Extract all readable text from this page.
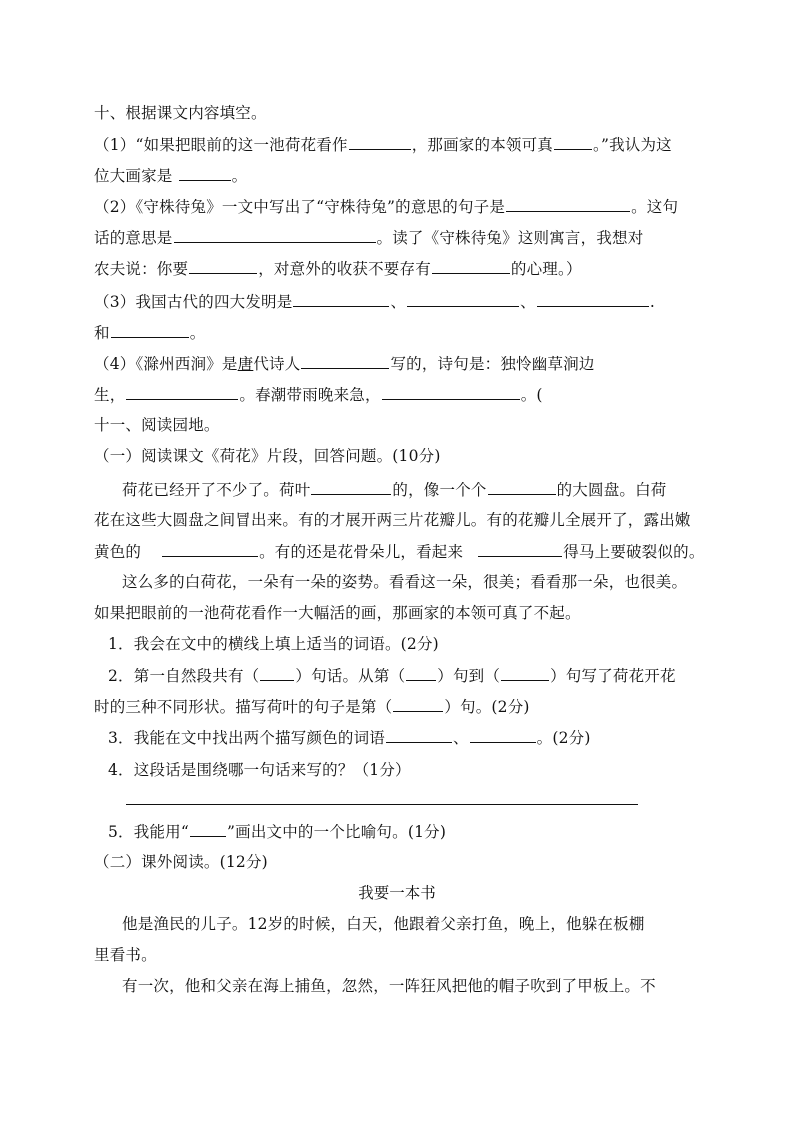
十、根据课文内容填空。
（1）“如果把眼前的这一池荷花看作	，那画家的本领可真	。”我认为这
位大画家是	。
（2）《守株待兔》一文中写出了“守株待兔”的意思的句子是	。这句
话的意思是	。读了《守株待兔》这则寓言，我想对
农夫说：你要	，对意外的收获不要存有	的心理。）
（3）我国古代的四大发明是	、	、	.
和	。
（4）《滁州西涧》是唐代诗人	写的，诗句是：独怜幽草涧边
生，	。春潮带雨晚来急，	。(
十一、阅读园地。
（一）阅读课文《荷花》片段，回答问题。(10分)
荷花已经开了不少了。荷叶	的，像一个个	的大圆盘。白荷
花在这些大圆盘之间冒出来。有的才展开两三片花瓣儿。有的花瓣儿全展开了，露出嫩
黄色的	。有的还是花骨朵儿，看起来	得马上要破裂似的。
这么多的白荷花，一朵有一朵的姿势。看看这一朵，很美；看看那一朵，也很美。
如果把眼前的一池荷花看作一大幅活的画，那画家的本领可真了不起。
1．我会在文中的横线上填上适当的词语。(2分)
2．第一自然段共有（ ）句话。从第（ ）句到（	）句写了荷花开花
时的三种不同形状。描写荷叶的句子是第（	）句。(2分)
3．我能在文中找出两个描写颜色的词语	、	。(2分)
4．这段话是围绕哪一句话来写的？（1分）
5．我能用“ ”画出文中的一个比喻句。(1分)
（二）课外阅读。(12分)
我要一本书
他是渔民的儿子。12岁的时候，白天，他跟着父亲打鱼，晚上，他躲在板棚
里看书。
有一次，他和父亲在海上捕鱼，忽然，一阵狂风把他的帽子吹到了甲板上。不
